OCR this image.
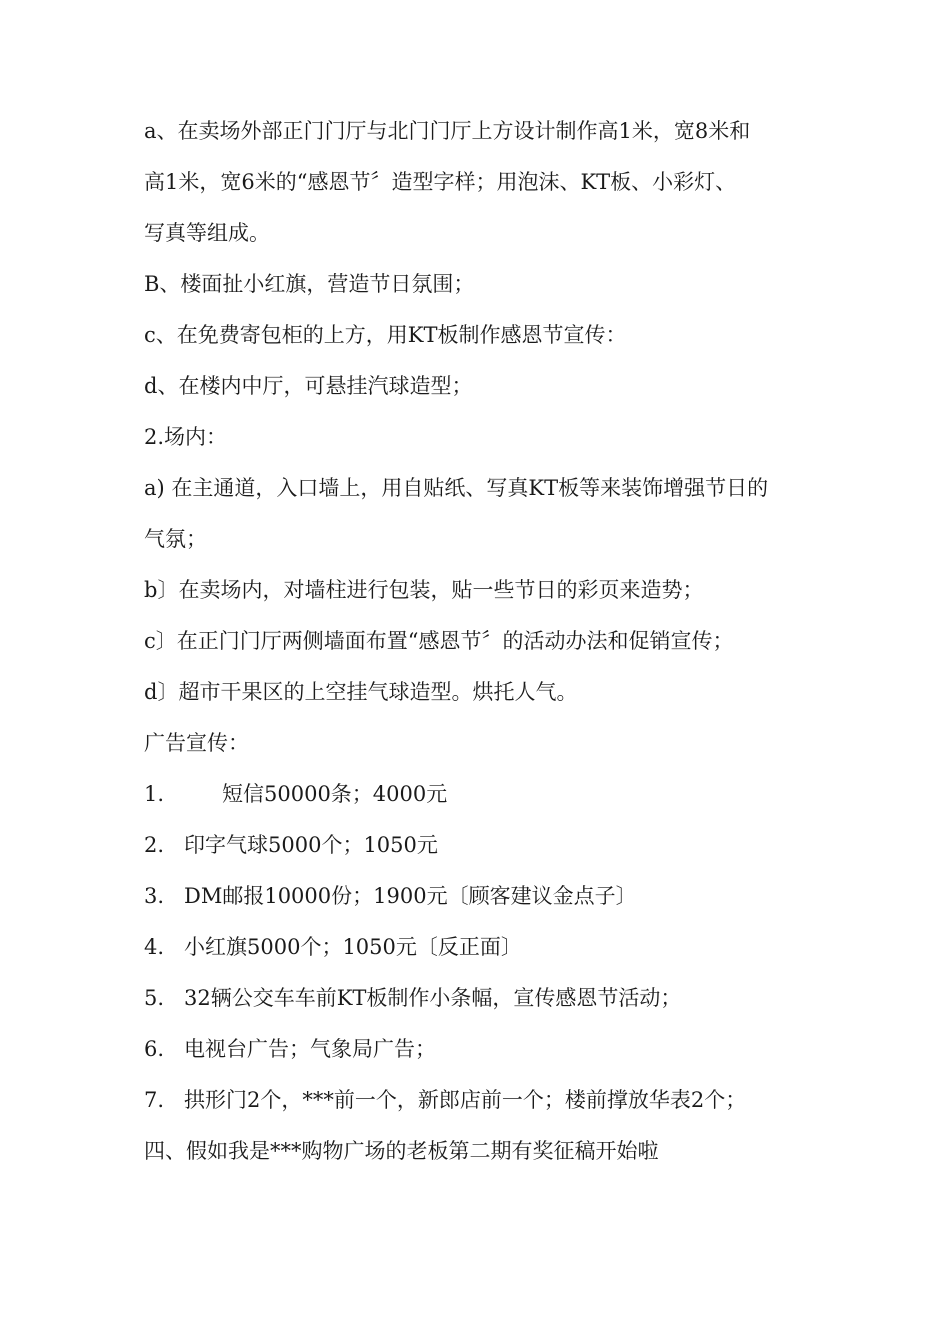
a、在卖场外部正门门厅与北门门厅上方设计制作高1米，宽8米和
高1米，宽6米的“感恩节〞造型字样；用泡沫、KT板、小彩灯、
写真等组成。
B、楼面扯小红旗，营造节日氛围；
c、在免费寄包柜的上方，用KT板制作感恩节宣传：
d、在楼内中厅，可悬挂汽球造型；
2.场内：
a) 在主通道，入口墙上，用自贴纸、写真KT板等来装饰增强节日的
气氛；
b〕在卖场内，对墙柱进行包装，贴一些节日的彩页来造势；
c〕在正门门厅两侧墙面布置“感恩节〞的活动办法和促销宣传；
d〕超市干果区的上空挂气球造型。烘托人气。
广告宣传：
1.	短信50000条；4000元
2. 印字气球5000个；1050元
3. DM邮报10000份；1900元〔顾客建议金点子〕
4. 小红旗5000个；1050元〔反正面〕
5. 32辆公交车车前KT板制作小条幅，宣传感恩节活动；
6. 电视台广告；气象局广告；
7. 拱形门2个，***前一个，新郎店前一个；楼前撑放华表2个；
四、假如我是***购物广场的老板第二期有奖征稿开始啦
